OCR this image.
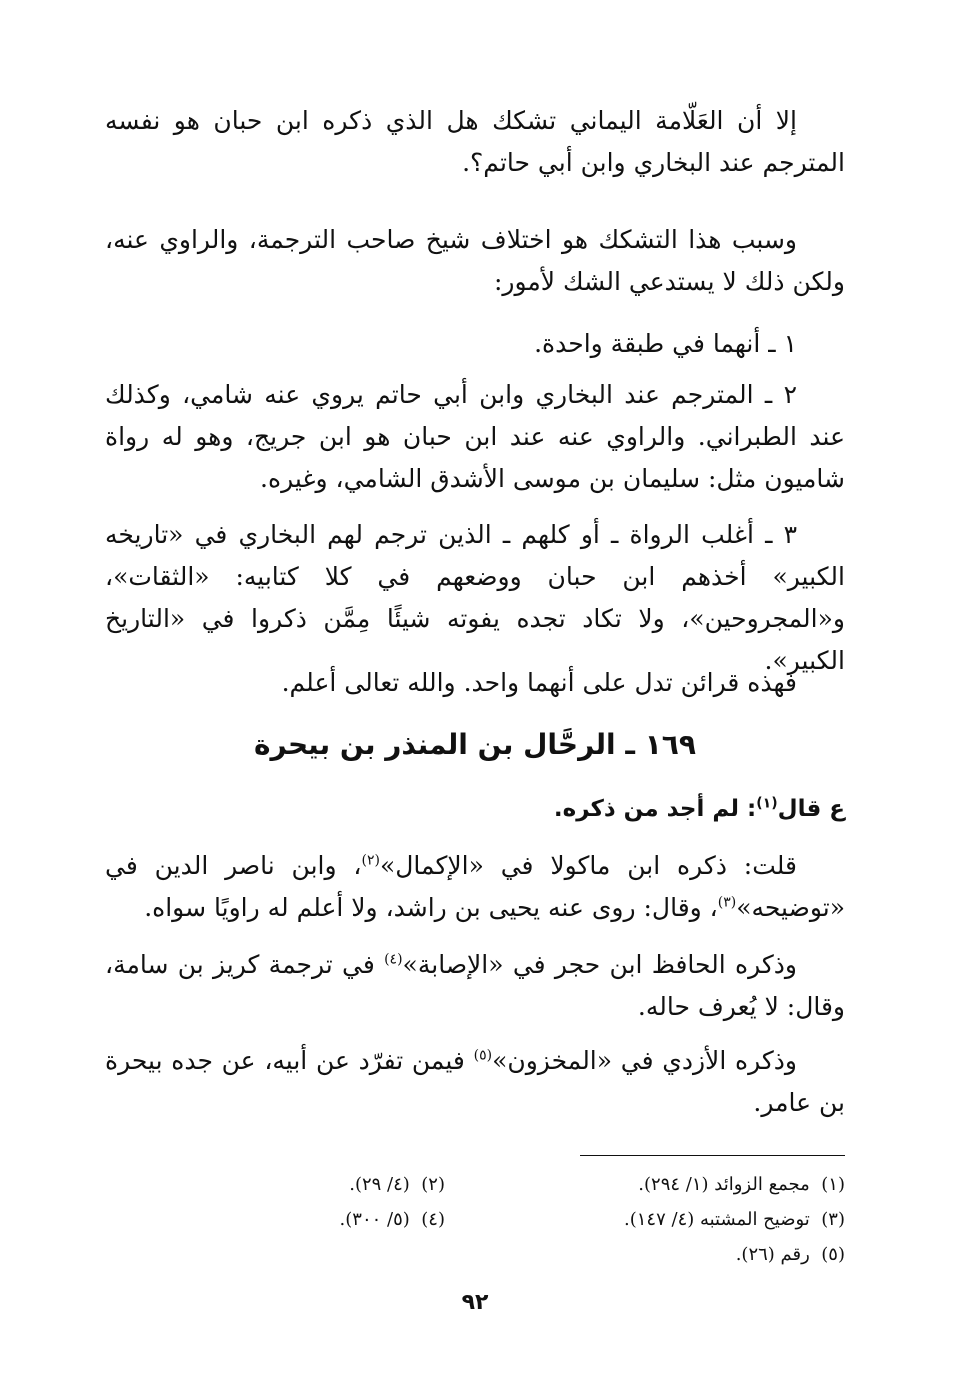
إلا أن العَلّامة اليماني تشكك هل الذي ذكره ابن حبان هو نفسه المترجم عند البخاري وابن أبي حاتم؟.

وسبب هذا التشكك هو اختلاف شيخ صاحب الترجمة، والراوي عنه، ولكن ذلك لا يستدعي الشك لأمور:

١ ـ أنهما في طبقة واحدة.

٢ ـ المترجم عند البخاري وابن أبي حاتم يروي عنه شامي، وكذلك عند الطبراني. والراوي عنه عند ابن حبان هو ابن جريج، وهو له رواة شاميون مثل: سليمان بن موسى الأشدق الشامي، وغيره.

٣ ـ أغلب الرواة ـ أو كلهم ـ الذين ترجم لهم البخاري في «تاريخه الكبير» أخذهم ابن حبان ووضعهم في كلا كتابيه: «الثقات»، و«المجروحين»، ولا تكاد تجده يفوته شيئًا مِمَّن ذكروا في «التاريخ الكبير».

فهذه قرائن تدل على أنهما واحد. والله تعالى أعلم.

١٦٩ ـ الرحَّال بن المنذر بن بيحرة
ع قال$^{(١)}$: لم أجد من ذكره.

قلت: ذكره ابن ماكولا في «الإكمال»$^{(٢)}$، وابن ناصر الدين في «توضيحه»$^{(٣)}$، وقال: روى عنه يحيى بن راشد، ولا أعلم له راويًا سواه.

وذكره الحافظ ابن حجر في «الإصابة»$^{(٤)}$ في ترجمة كريز بن سامة، وقال: لا يُعرف حاله.

وذكره الأزدي في «المخزون»$^{(٥)}$ فيمن تفرّد عن أبيه، عن جده بيحرة بن عامر.

(١)  مجمع الزوائد (١/ ٢٩٤).
(٢)  (٤/ ٢٩).
(٣)  توضيح المشتبه (٤/ ١٤٧).
(٤)  (٥/ ٣٠٠).
(٥)  رقم (٢٦).
٩٢
